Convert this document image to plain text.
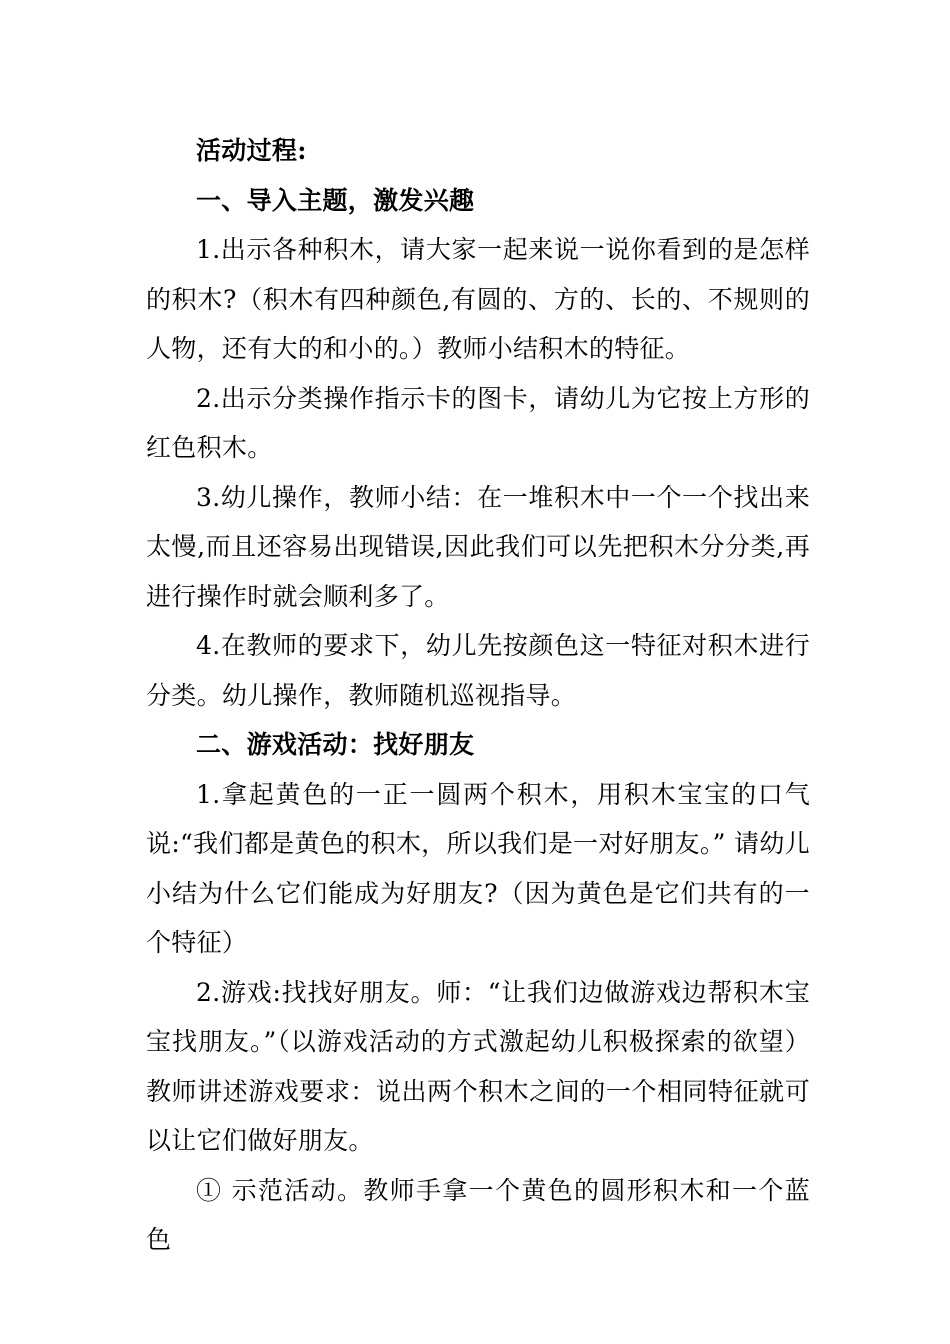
活动过程:

一、导入主题，激发兴趣

1.出示各种积木，请大家一起来说一说你看到的是怎样的积木?（积木有四种颜色,有圆的、方的、长的、不规则的人物，还有大的和小的。）教师小结积木的特征。

2.出示分类操作指示卡的图卡，请幼儿为它按上方形的红色积木。

3.幼儿操作，教师小结：在一堆积木中一个一个找出来太慢,而且还容易出现错误,因此我们可以先把积木分分类,再进行操作时就会顺利多了。

4.在教师的要求下，幼儿先按颜色这一特征对积木进行分类。幼儿操作，教师随机巡视指导。

二、游戏活动：找好朋友

1.拿起黄色的一正一圆两个积木，用积木宝宝的口气说:“我们都是黄色的积木，所以我们是一对好朋友。” 请幼儿小结为什么它们能成为好朋友?（因为黄色是它们共有的一个特征）

2.游戏:找找好朋友。师：“让我们边做游戏边帮积木宝宝找朋友。”（以游戏活动的方式激起幼儿积极探索的欲望）教师讲述游戏要求：说出两个积木之间的一个相同特征就可以让它们做好朋友。

① 示范活动。教师手拿一个黄色的圆形积木和一个蓝色
